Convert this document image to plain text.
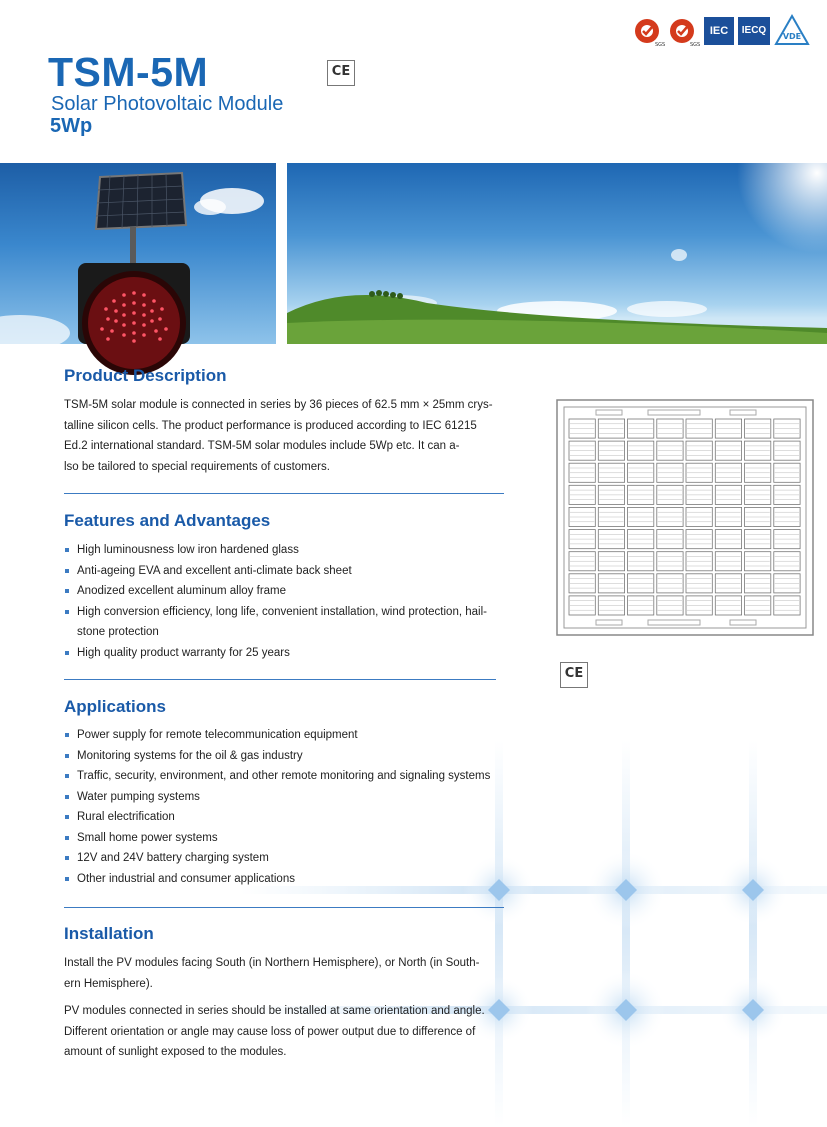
SGS	SGS
IEC	IECQ
VDE
TSM-5M
Solar Photovoltaic Module
5Wp
CE
CE
Product Description
TSM-5M solar module is connected in series by 36 pieces of 62.5 mm × 25mm crys-
talline silicon cells. The product performance is produced according to IEC 61215
Ed.2 international standard. TSM-5M solar modules include 5Wp etc. It can a-
lso be tailored to special requirements of customers.
Features and Advantages
High luminousness low iron hardened glass
Anti-ageing EVA and excellent anti-climate back sheet
Anodized excellent aluminum alloy frame
High conversion efficiency, long life, convenient installation, wind protection, hail-
stone protection
High quality product warranty for 25 years
Applications
Power supply for remote telecommunication equipment
Monitoring systems for the oil & gas industry
Traffic, security, environment, and other remote monitoring and signaling systems
Water pumping systems
Rural electrification
Small home power systems
12V and 24V battery charging system
Other industrial and consumer applications
Installation
Install the PV modules facing South (in Northern Hemisphere), or North (in South-
ern Hemisphere).
PV modules connected in series should be installed at same orientation and angle.
Different orientation or angle may cause loss of power output due to difference of
amount of sunlight exposed to the modules.
